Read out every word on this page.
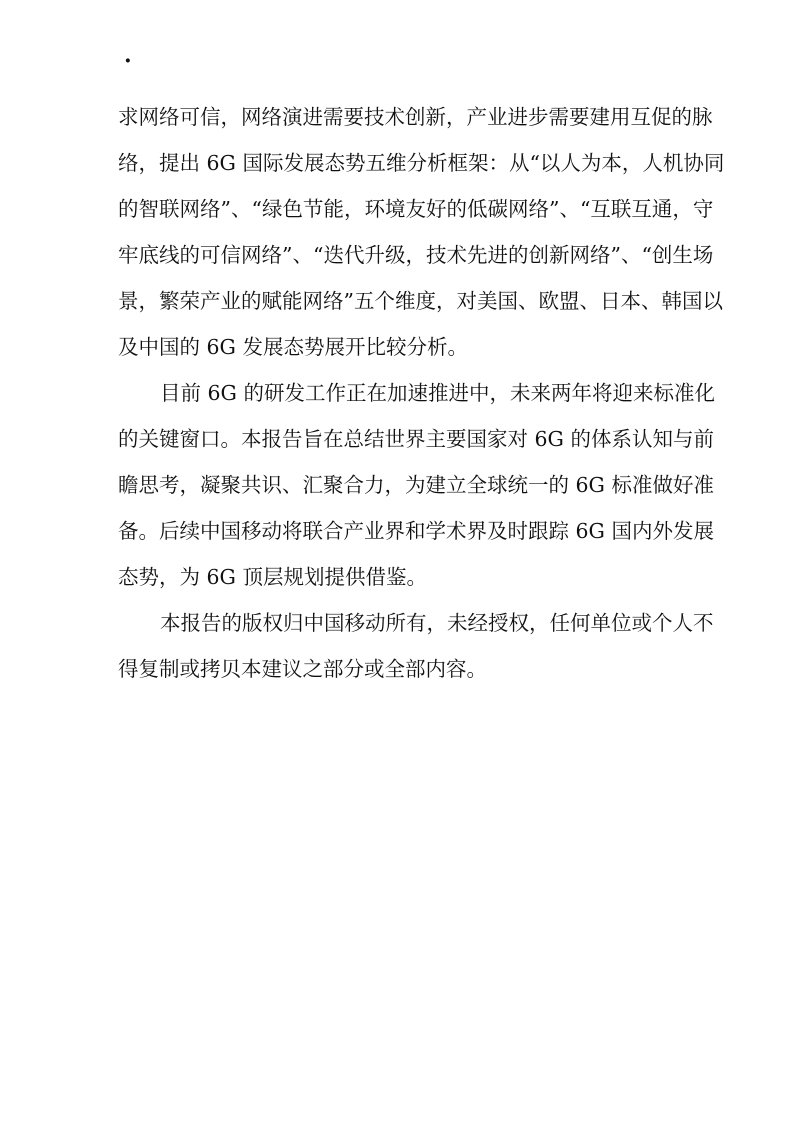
·
求网络可信，网络演进需要技术创新，产业进步需要建用互促的脉
络，提出 6G 国际发展态势五维分析框架：从“以人为本，人机协同
的智联网络”、“绿色节能，环境友好的低碳网络”、“互联互通，守
牢底线的可信网络”、“迭代升级，技术先进的创新网络”、“创生场
景，繁荣产业的赋能网络”五个维度，对美国、欧盟、日本、韩国以
及中国的 6G 发展态势展开比较分析。
目前 6G 的研发工作正在加速推进中，未来两年将迎来标准化
的关键窗口。本报告旨在总结世界主要国家对 6G 的体系认知与前
瞻思考，凝聚共识、汇聚合力，为建立全球统一的 6G 标准做好准
备。后续中国移动将联合产业界和学术界及时跟踪 6G 国内外发展
态势，为 6G 顶层规划提供借鉴。
本报告的版权归中国移动所有，未经授权，任何单位或个人不
得复制或拷贝本建议之部分或全部内容。
